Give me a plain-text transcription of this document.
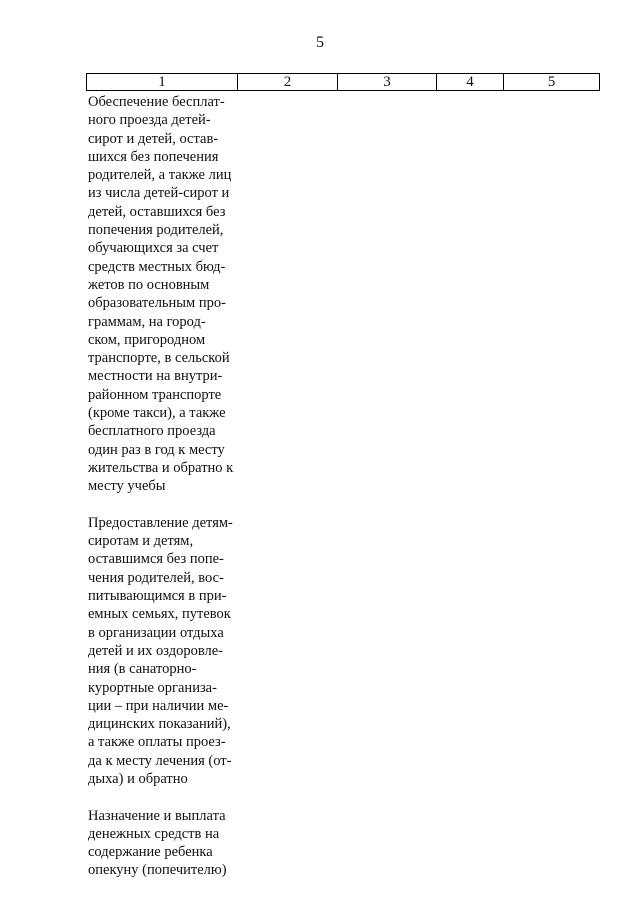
5
1	2	3	4	5
Обеспечение бесплат-
ного проезда детей-
сирот и детей, остав-
шихся без попечения
родителей, а также лиц
из числа детей-сирот и
детей, оставшихся без
попечения родителей,
обучающихся за счет
средств местных бюд-
жетов по основным
образовательным про-
граммам, на город-
ском, пригородном
транспорте, в сельской
местности на внутри-
районном транспорте
(кроме такси), а также
бесплатного проезда
один раз в год к месту
жительства и обратно к
месту учебы
Предоставление детям-
сиротам и детям,
оставшимся без попе-
чения родителей, вос-
питывающимся в при-
емных семьях, путевок
в организации отдыха
детей и их оздоровле-
ния (в санаторно-
курортные организа-
ции – при наличии ме-
дицинских показаний),
а также оплаты проез-
да к месту лечения (от-
дыха) и обратно
Назначение и выплата
денежных средств на
содержание ребенка
опекуну (попечителю)
